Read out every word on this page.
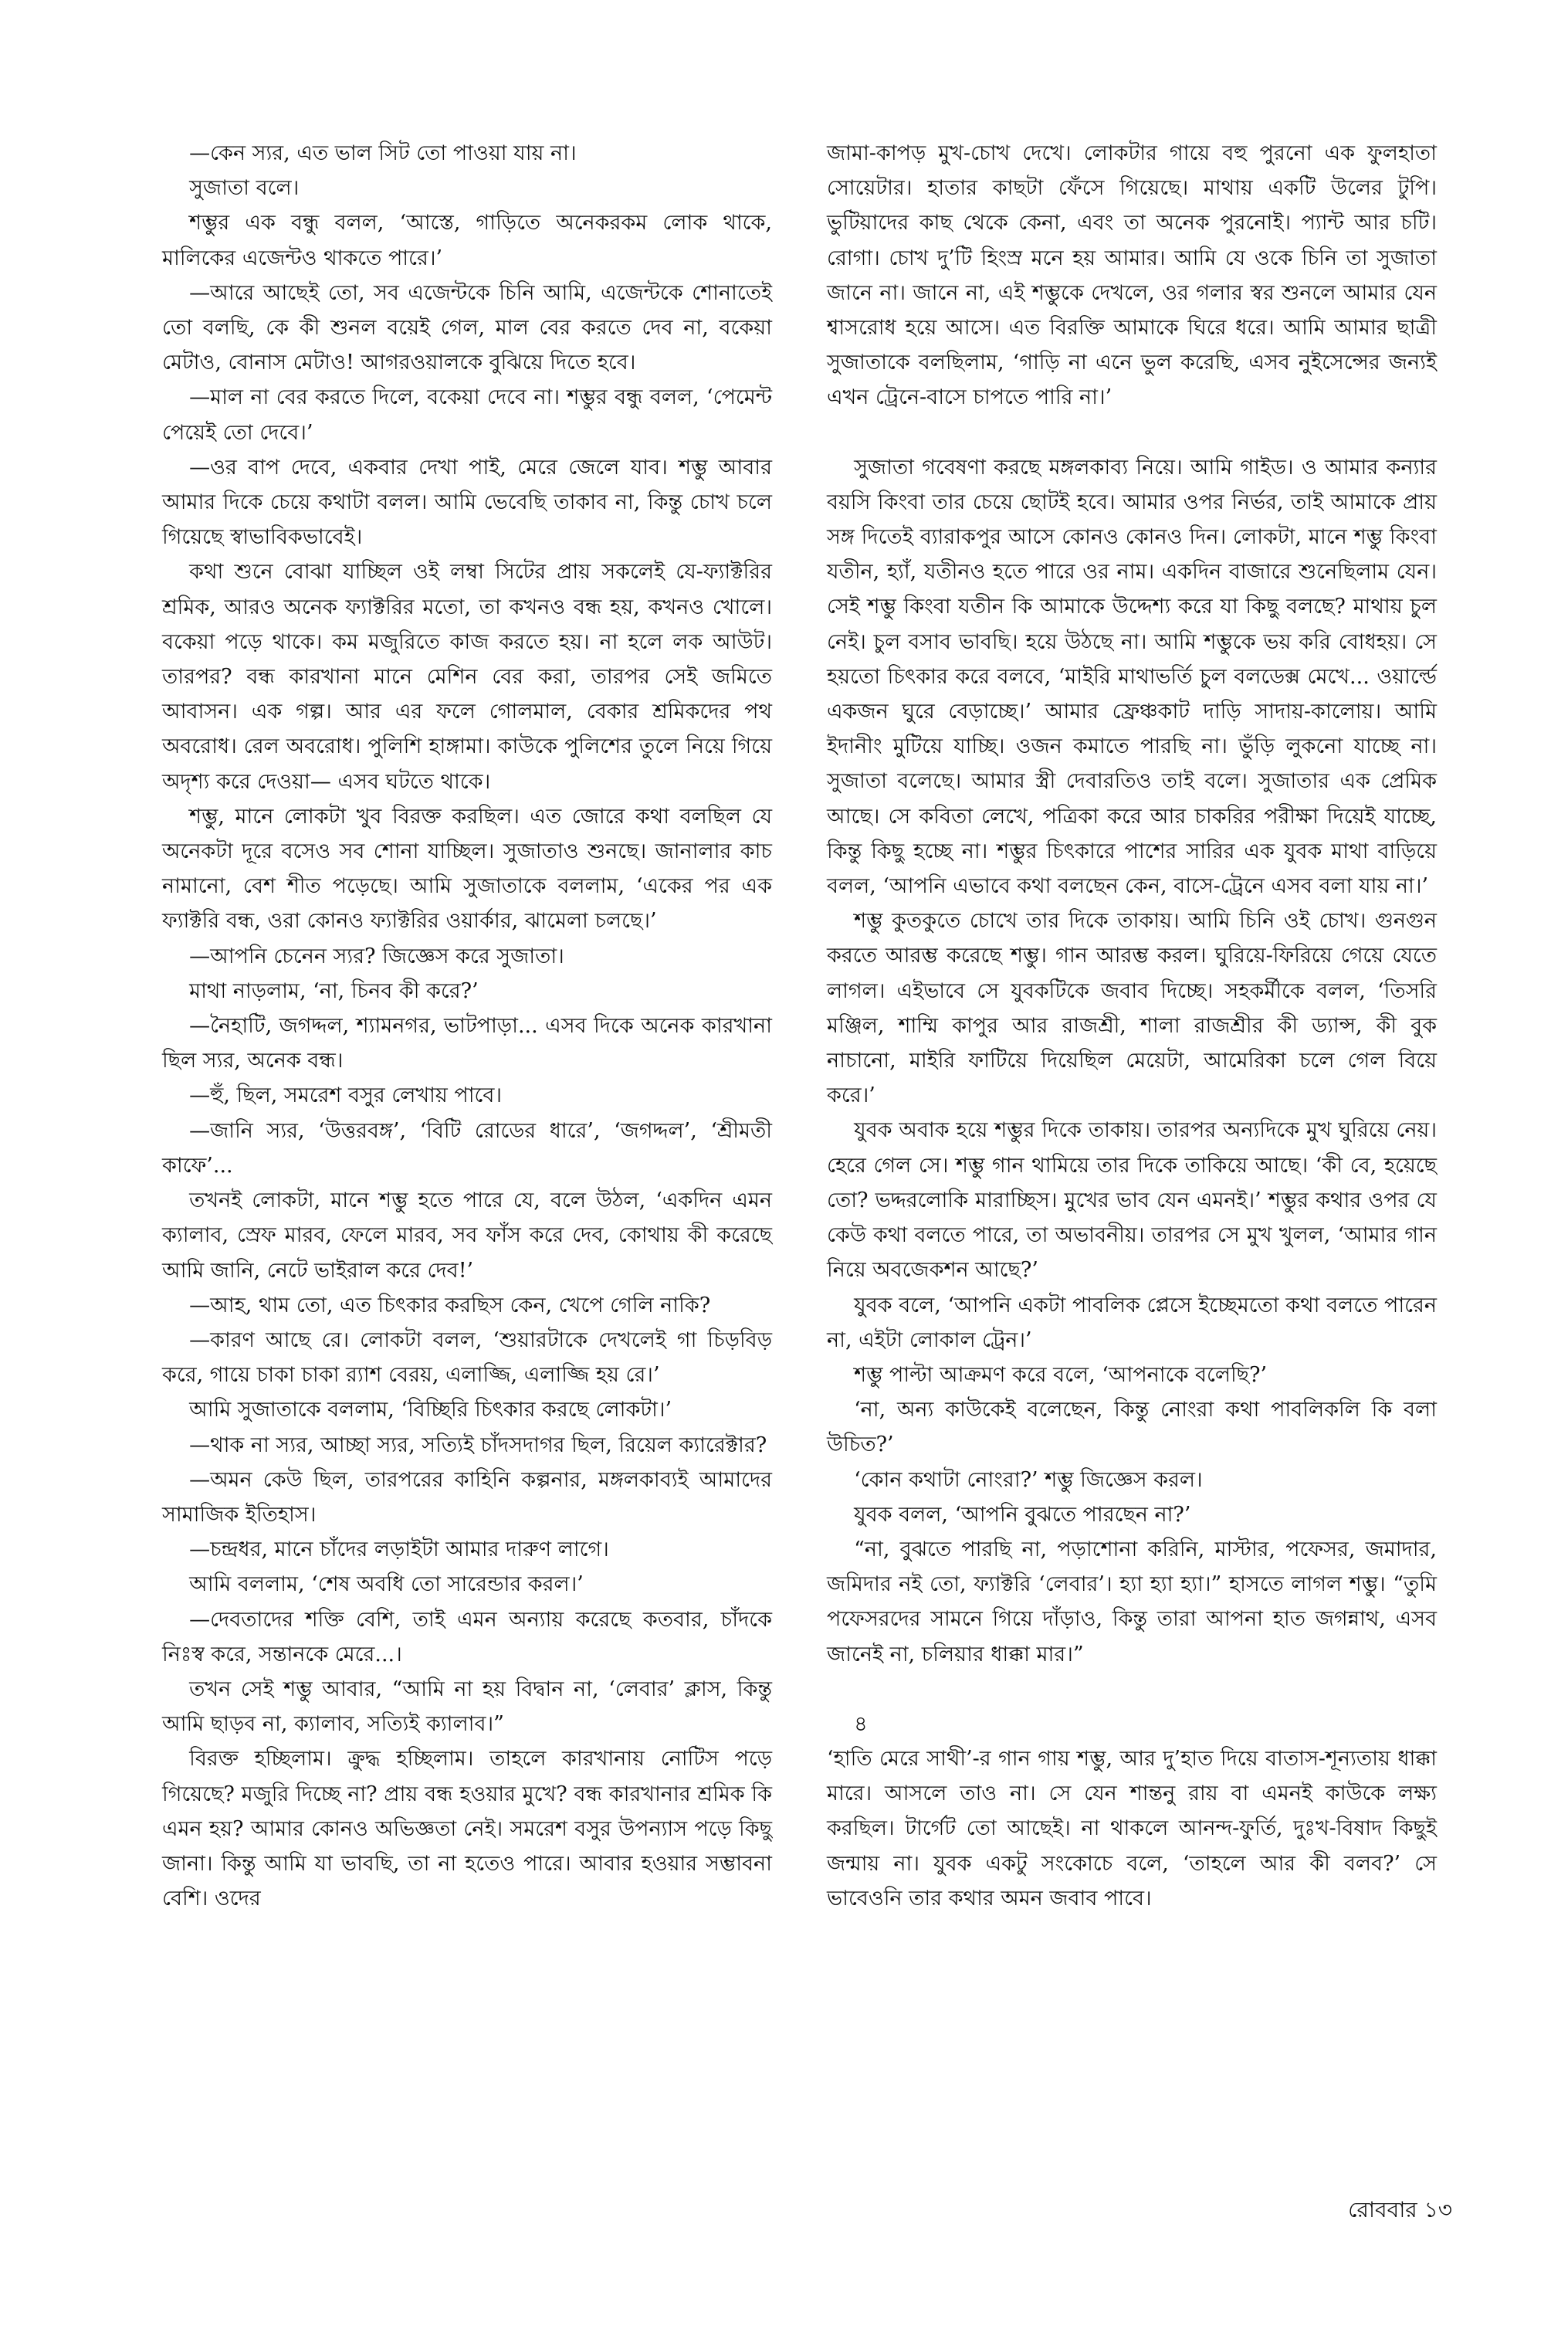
—কেন স্যর, এত ভাল সিট তো পাওয়া যায় না।

সুজাতা বলে।

শম্ভুর এক বন্ধু বলল, ‘আস্তে, গাড়িতে অনেকরকম লোক থাকে, মালিকের এজেন্টও থাকতে পারে।’

—আরে আছেই তো, সব এজেন্টকে চিনি আমি, এজেন্টকে শোনাতেই তো বলছি, কে কী শুনল বয়েই গেল, মাল বের করতে দেব না, বকেয়া মেটাও, বোনাস মেটাও! আগরওয়ালকে বুঝিয়ে দিতে হবে।

—মাল না বের করতে দিলে, বকেয়া দেবে না। শম্ভুর বন্ধু বলল, ‘পেমেন্ট পেয়েই তো দেবে।’

—ওর বাপ দেবে, একবার দেখা পাই, মেরে জেলে যাব। শম্ভু আবার আমার দিকে চেয়ে কথাটা বলল। আমি ভেবেছি তাকাব না, কিন্তু চোখ চলে গিয়েছে স্বাভাবিকভাবেই।

কথা শুনে বোঝা যাচ্ছিল ওই লম্বা সিটের প্রায় সকলেই যে-ফ্যাক্টরির শ্রমিক, আরও অনেক ফ্যাক্টরির মতো, তা কখনও বন্ধ হয়, কখনও খোলে। বকেয়া পড়ে থাকে। কম মজুরিতে কাজ করতে হয়। না হলে লক আউট। তারপর? বন্ধ কারখানা মানে মেশিন বের করা, তারপর সেই জমিতে আবাসন। এক গল্প। আর এর ফলে গোলমাল, বেকার শ্রমিকদের পথ অবরোধ। রেল অবরোধ। পুলিশি হাঙ্গামা। কাউকে পুলিশের তুলে নিয়ে গিয়ে অদৃশ্য করে দেওয়া— এসব ঘটতে থাকে।

শম্ভু, মানে লোকটা খুব বিরক্ত করছিল। এত জোরে কথা বলছিল যে অনেকটা দূরে বসেও সব শোনা যাচ্ছিল। সুজাতাও শুনছে। জানালার কাচ নামানো, বেশ শীত পড়েছে। আমি সুজাতাকে বললাম, ‘একের পর এক ফ্যাক্টরি বন্ধ, ওরা কোনও ফ্যাক্টরির ওয়ার্কার, ঝামেলা চলছে।’

—আপনি চেনেন স্যর? জিজ্ঞেস করে সুজাতা।

মাথা নাড়লাম, ‘না, চিনব কী করে?’

—নৈহাটি, জগদ্দল, শ্যামনগর, ভাটপাড়া... এসব দিকে অনেক কারখানা ছিল স্যর, অনেক বন্ধ।

—হুঁ, ছিল, সমরেশ বসুর লেখায় পাবে।

—জানি স্যর, ‘উত্তরবঙ্গ’, ‘বিটি রোডের ধারে’, ‘জগদ্দল’, ‘শ্রীমতী কাফে’...

তখনই লোকটা, মানে শম্ভু হতে পারে যে, বলে উঠল, ‘একদিন এমন ক্যালাব, স্রেফ মারব, ফেলে মারব, সব ফাঁস করে দেব, কোথায় কী করেছে আমি জানি, নেটে ভাইরাল করে দেব!’

—আহ, থাম তো, এত চিৎকার করছিস কেন, খেপে গেলি নাকি?

—কারণ আছে রে। লোকটা বলল, ‘শুয়ারটাকে দেখলেই গা চিড়বিড় করে, গায়ে চাকা চাকা র‍্যাশ বেরয়, এলাজ্জি, এলাজ্জি হয় রে।’

আমি সুজাতাকে বললাম, ‘বিচ্ছিরি চিৎকার করছে লোকটা।’

—থাক না স্যর, আচ্ছা স্যর, সত্যিই চাঁদসদাগর ছিল, রিয়েল ক্যারেক্টার?

—অমন কেউ ছিল, তারপরের কাহিনি কল্পনার, মঙ্গলকাব্যই আমাদের সামাজিক ইতিহাস।

—চন্দ্রধর, মানে চাঁদের লড়াইটা আমার দারুণ লাগে।

আমি বললাম, ‘শেষ অবধি তো সারেন্ডার করল।’

—দেবতাদের শক্তি বেশি, তাই এমন অন্যায় করেছে কতবার, চাঁদকে নিঃস্ব করে, সন্তানকে মেরে...।

তখন সেই শম্ভু আবার, “আমি না হয় বিদ্বান না, ‘লেবার’ ক্লাস, কিন্তু আমি ছাড়ব না, ক্যালাব, সত্যিই ক্যালাব।”

বিরক্ত হচ্ছিলাম। ক্রুদ্ধ হচ্ছিলাম। তাহলে কারখানায় নোটিস পড়ে গিয়েছে? মজুরি দিচ্ছে না? প্রায় বন্ধ হওয়ার মুখে? বন্ধ কারখানার শ্রমিক কি এমন হয়? আমার কোনও অভিজ্ঞতা নেই। সমরেশ বসুর উপন্যাস পড়ে কিছু জানা। কিন্তু আমি যা ভাবছি, তা না হতেও পারে। আবার হওয়ার সম্ভাবনা বেশি। ওদের

জামা-কাপড় মুখ-চোখ দেখে। লোকটার গায়ে বহু পুরনো এক ফুলহাতা সোয়েটার। হাতার কাছটা ফেঁসে গিয়েছে। মাথায় একটি উলের টুপি। ভুটিয়াদের কাছ থেকে কেনা, এবং তা অনেক পুরনোই। প্যান্ট আর চটি। রোগা। চোখ দু’টি হিংস্র মনে হয় আমার। আমি যে ওকে চিনি তা সুজাতা জানে না। জানে না, এই শম্ভুকে দেখলে, ওর গলার স্বর শুনলে আমার যেন শ্বাসরোধ হয়ে আসে। এত বিরক্তি আমাকে ঘিরে ধরে। আমি আমার ছাত্রী সুজাতাকে বলছিলাম, ‘গাড়ি না এনে ভুল করেছি, এসব নুইসেন্সের জন্যই এখন ট্রেনে-বাসে চাপতে পারি না।’

সুজাতা গবেষণা করছে মঙ্গলকাব্য নিয়ে। আমি গাইড। ও আমার কন্যার বয়সি কিংবা তার চেয়ে ছোটই হবে। আমার ওপর নির্ভর, তাই আমাকে প্রায় সঙ্গ দিতেই ব্যারাকপুর আসে কোনও কোনও দিন। লোকটা, মানে শম্ভু কিংবা যতীন, হ্যাঁ, যতীনও হতে পারে ওর নাম। একদিন বাজারে শুনেছিলাম যেন। সেই শম্ভু কিংবা যতীন কি আমাকে উদ্দেশ্য করে যা কিছু বলছে? মাথায় চুল নেই। চুল বসাব ভাবছি। হয়ে উঠছে না। আমি শম্ভুকে ভয় করি বোধহয়। সে হয়তো চিৎকার করে বলবে, ‘মাইরি মাথাভর্তি চুল বলডেক্স মেখে... ওয়ার্ল্ডে একজন ঘুরে বেড়াচ্ছে।’ আমার ফ্রেঞ্চকাট দাড়ি সাদায়-কালোয়। আমি ইদানীং মুটিয়ে যাচ্ছি। ওজন কমাতে পারছি না। ভুঁড়ি লুকনো যাচ্ছে না। সুজাতা বলেছে। আমার স্ত্রী দেবারতিও তাই বলে। সুজাতার এক প্রেমিক আছে। সে কবিতা লেখে, পত্রিকা করে আর চাকরির পরীক্ষা দিয়েই যাচ্ছে, কিন্তু কিছু হচ্ছে না। শম্ভুর চিৎকারে পাশের সারির এক যুবক মাথা বাড়িয়ে বলল, ‘আপনি এভাবে কথা বলছেন কেন, বাসে-ট্রেনে এসব বলা যায় না।’

শম্ভু কুতকুতে চোখে তার দিকে তাকায়। আমি চিনি ওই চোখ। গুনগুন করতে আরম্ভ করেছে শম্ভু। গান আরম্ভ করল। ঘুরিয়ে-ফিরিয়ে গেয়ে যেতে লাগল। এইভাবে সে যুবকটিকে জবাব দিচ্ছে। সহকর্মীকে বলল, ‘তিসরি মঞ্জিল, শাম্মি কাপুর আর রাজশ্রী, শালা রাজশ্রীর কী ড্যান্স, কী বুক নাচানো, মাইরি ফাটিয়ে দিয়েছিল মেয়েটা, আমেরিকা চলে গেল বিয়ে করে।’

যুবক অবাক হয়ে শম্ভুর দিকে তাকায়। তারপর অন্যদিকে মুখ ঘুরিয়ে নেয়। হেরে গেল সে। শম্ভু গান থামিয়ে তার দিকে তাকিয়ে আছে। ‘কী বে, হয়েছে তো? ভদ্দরলোকি মারাচ্ছিস। মুখের ভাব যেন এমনই।’ শম্ভুর কথার ওপর যে কেউ কথা বলতে পারে, তা অভাবনীয়। তারপর সে মুখ খুলল, ‘আমার গান নিয়ে অবজেকশন আছে?’

যুবক বলে, ‘আপনি একটা পাবলিক প্লেসে ইচ্ছেমতো কথা বলতে পারেন না, এইটা লোকাল ট্রেন।’

শম্ভু পাল্টা আক্রমণ করে বলে, ‘আপনাকে বলেছি?’

‘না, অন্য কাউকেই বলেছেন, কিন্তু নোংরা কথা পাবলিকলি কি বলা উচিত?’

‘কোন কথাটা নোংরা?’ শম্ভু জিজ্ঞেস করল।

যুবক বলল, ‘আপনি বুঝতে পারছেন না?’

“না, বুঝতে পারছি না, পড়াশোনা করিনি, মাস্টার, পফেসর, জমাদার, জমিদার নই তো, ফ্যাক্টরি ‘লেবার’। হ্যা হ্যা হ্যা।” হাসতে লাগল শম্ভু। “তুমি পফেসরদের সামনে গিয়ে দাঁড়াও, কিন্তু তারা আপনা হাত জগন্নাথ, এসব জানেই না, চলিয়ার ধাক্কা মার।”

৪

‘হাতি মেরে সাথী’-র গান গায় শম্ভু, আর দু’হাত দিয়ে বাতাস-শূন্যতায় ধাক্কা মারে। আসলে তাও না। সে যেন শান্তনু রায় বা এমনই কাউকে লক্ষ্য করছিল। টার্গেট তো আছেই। না থাকলে আনন্দ-ফুর্তি, দুঃখ-বিষাদ কিছুই জন্মায় না। যুবক একটু সংকোচে বলে, ‘তাহলে আর কী বলব?’ সে ভাবেওনি তার কথার অমন জবাব পাবে।

রোববার ১৩
